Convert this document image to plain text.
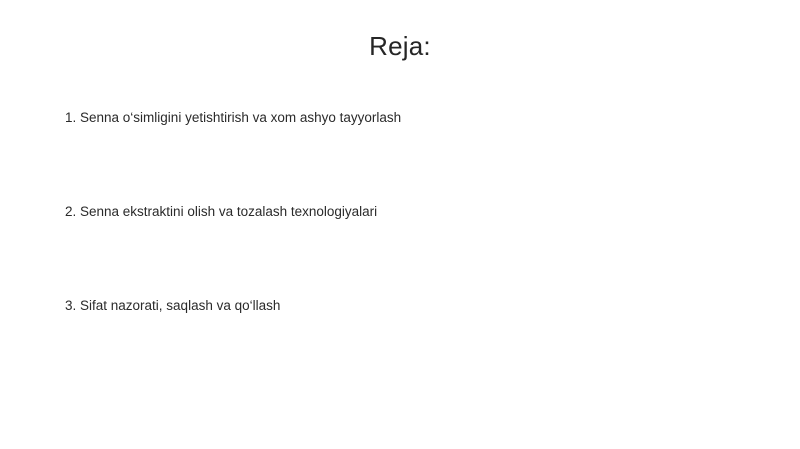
Reja:
1. Senna o‘simligini yetishtirish va xom ashyo tayyorlash
2. Senna ekstraktini olish va tozalash texnologiyalari
3. Sifat nazorati, saqlash va qo‘llash
